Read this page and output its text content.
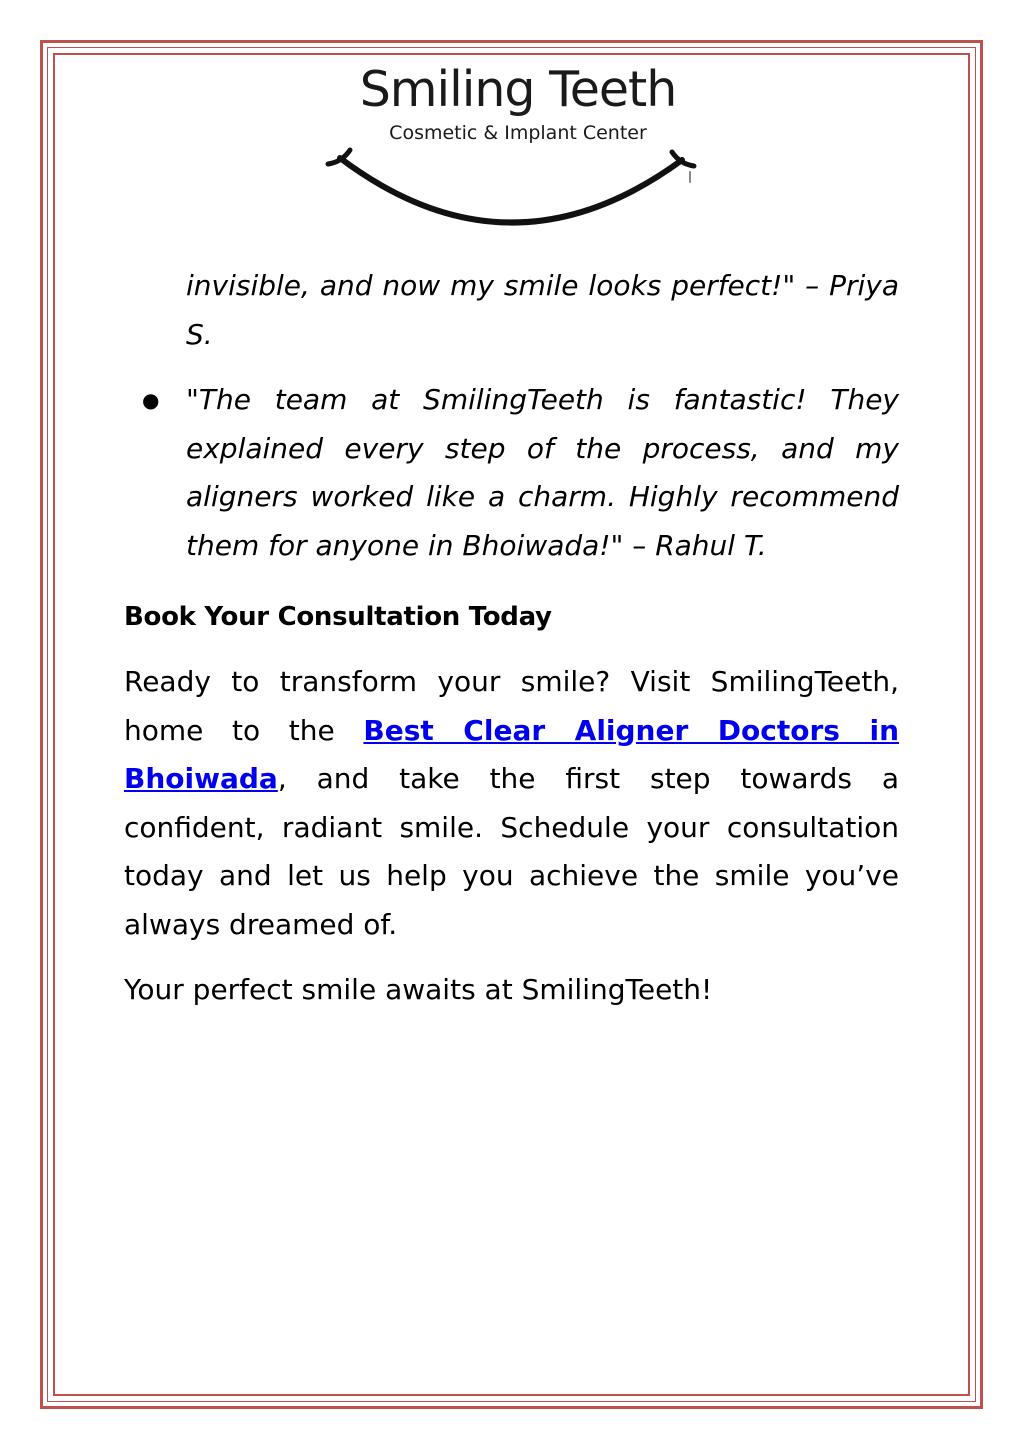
Smiling Teeth
Cosmetic & Implant Center
invisible, and now my smile looks perfect!" – Priya S.
● "The team at SmilingTeeth is fantastic! They explained every step of the process, and my aligners worked like a charm. Highly recommend them for anyone in Bhoiwada!" – Rahul T.
Book Your Consultation Today
Ready to transform your smile? Visit SmilingTeeth, home to the Best Clear Aligner Doctors in Bhoiwada, and take the first step towards a confident, radiant smile. Schedule your consultation today and let us help you achieve the smile you’ve always dreamed of.
Your perfect smile awaits at SmilingTeeth!
